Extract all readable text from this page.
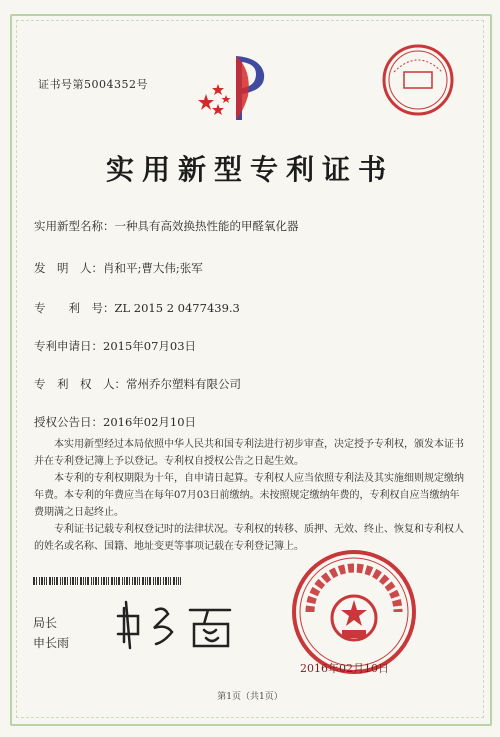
证书号第5004352号
实用新型专利证书
实用新型名称：一种具有高效换热性能的甲醛氧化器
发　明　人：肖和平;曹大伟;张军
专　　利　号：ZL 2015 2 0477439.3
专利申请日：2015年07月03日
专　利　权　人：常州乔尔塑料有限公司
授权公告日：2016年02月10日

本实用新型经过本局依照中华人民共和国专利法进行初步审查，决定授予专利权，颁发本证书并在专利登记簿上予以登记。专利权自授权公告之日起生效。

本专利的专利权期限为十年，自申请日起算。专利权人应当依照专利法及其实施细则规定缴纳年费。本专利的年费应当在每年07月03日前缴纳。未按照规定缴纳年费的，专利权自应当缴纳年费期满之日起终止。

专利证书记载专利权登记时的法律状况。专利权的转移、质押、无效、终止、恢复和专利权人的姓名或名称、国籍、地址变更等事项记载在专利登记簿上。

局长
申长雨
2016年02月10日
第1页（共1页）
